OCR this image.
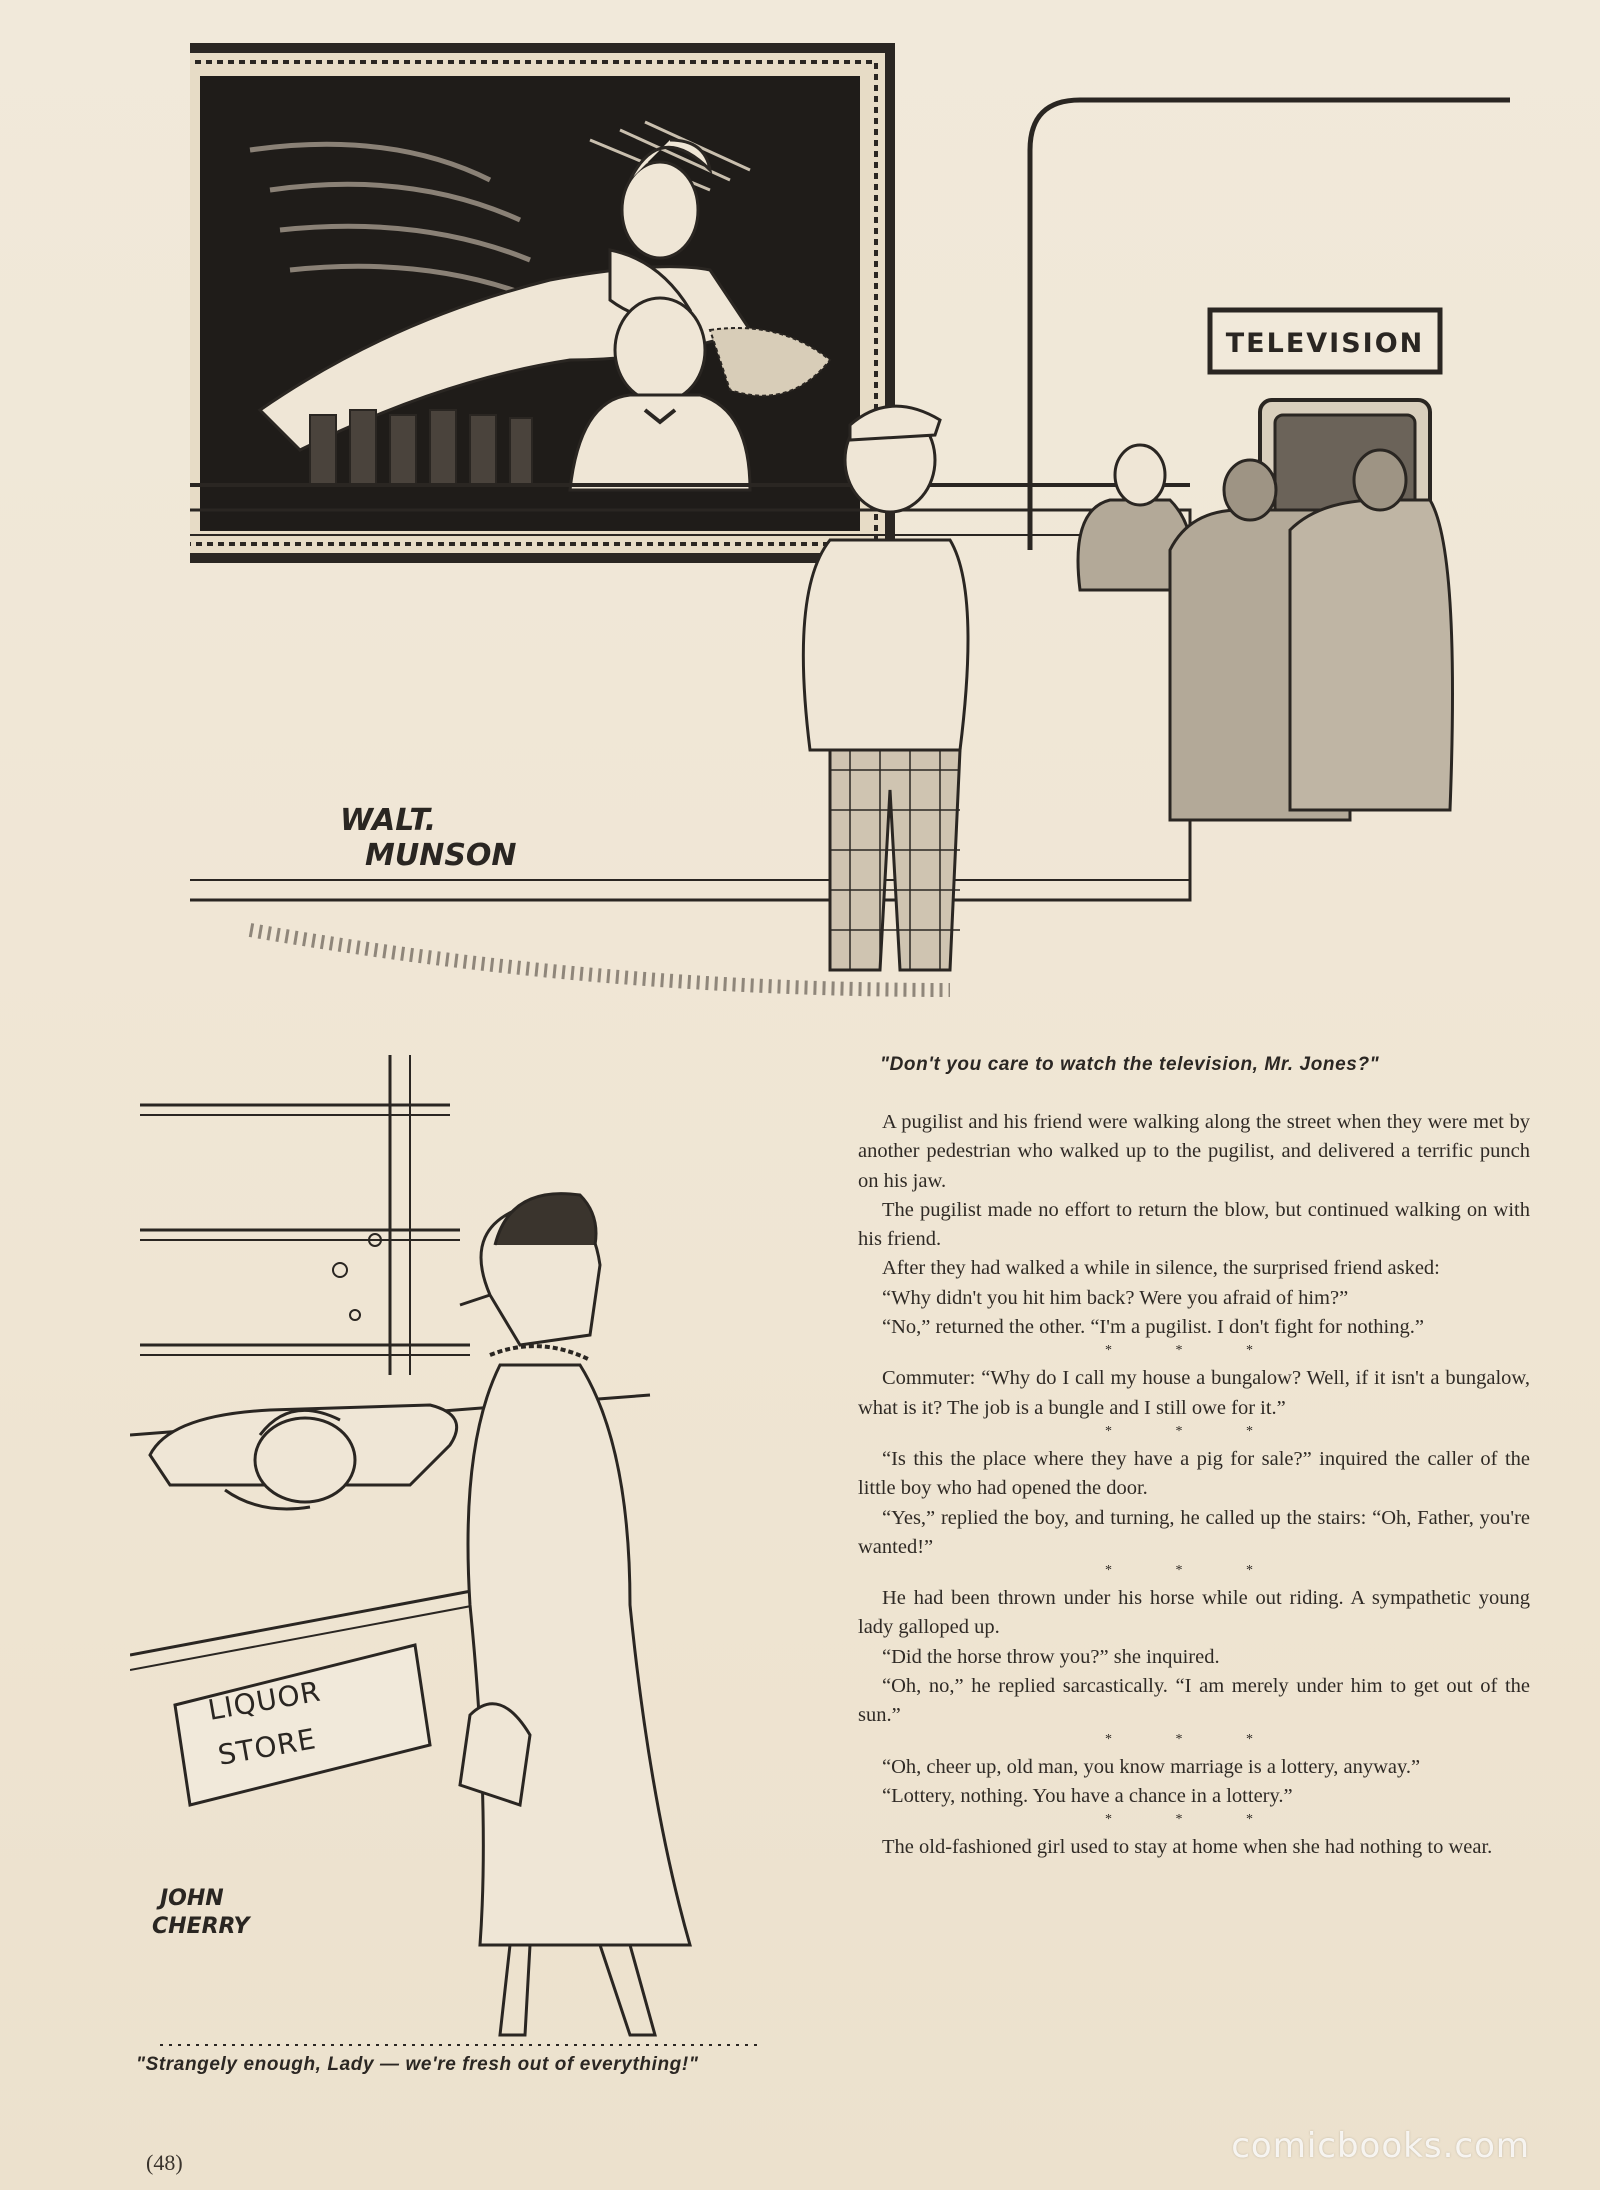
TELEVISION
WALT.
MUNSON
"Don't you care to watch the television, Mr. Jones?"
LIQUOR
STORE
JOHN
CHERRY
"Strangely enough, Lady — we're fresh out of everything!"

A pugilist and his friend were walking along the street when they were met by another pedestrian who walked up to the pugilist, and delivered a terrific punch on his jaw.

The pugilist made no effort to return the blow, but continued walking on with his friend.

After they had walked a while in silence, the surprised friend asked:

“Why didn't you hit him back? Were you afraid of him?”

“No,” returned the other. “I'm a pugilist. I don't fight for nothing.”

* * *

Commuter: “Why do I call my house a bungalow? Well, if it isn't a bungalow, what is it? The job is a bungle and I still owe for it.”

* * *

“Is this the place where they have a pig for sale?” inquired the caller of the little boy who had opened the door.

“Yes,” replied the boy, and turning, he called up the stairs: “Oh, Father, you're wanted!”

* * *

He had been thrown under his horse while out riding. A sympathetic young lady galloped up.

“Did the horse throw you?” she inquired.

“Oh, no,” he replied sarcastically. “I am merely under him to get out of the sun.”

* * *

“Oh, cheer up, old man, you know marriage is a lottery, anyway.”

“Lottery, nothing. You have a chance in a lottery.”

* * *

The old-fashioned girl used to stay at home when she had nothing to wear.

(48)	comicbooks.com
